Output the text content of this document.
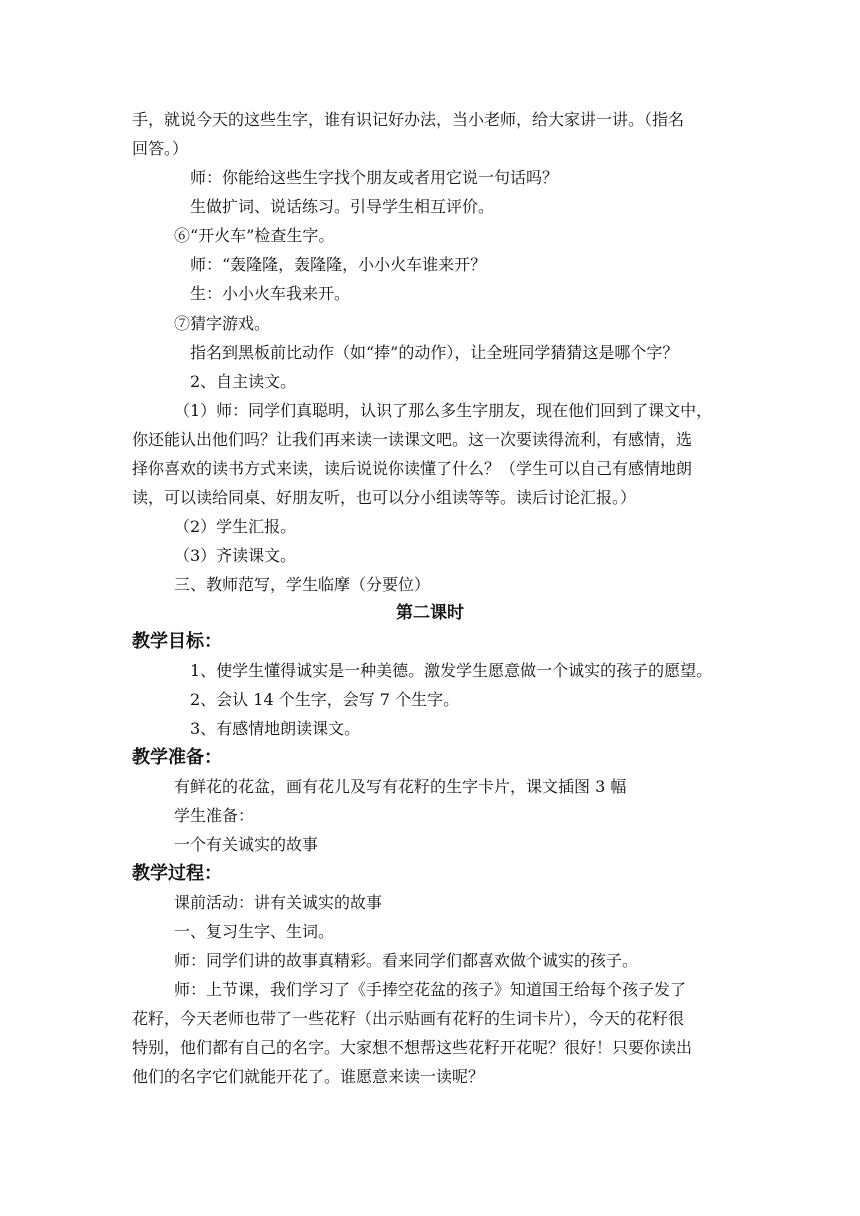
手，就说今天的这些生字，谁有识记好办法，当小老师，给大家讲一讲。（指名
回答。）
师：你能给这些生字找个朋友或者用它说一句话吗？
生做扩词、说话练习。引导学生相互评价。
⑥“开火车”检查生字。
师：“轰隆隆，轰隆隆，小小火车谁来开？
生：小小火车我来开。
⑦猜字游戏。
指名到黑板前比动作（如“捧”的动作），让全班同学猜猜这是哪个字？
2、自主读文。
（1）师：同学们真聪明，认识了那么多生字朋友，现在他们回到了课文中，
你还能认出他们吗？让我们再来读一读课文吧。这一次要读得流利，有感情，选
择你喜欢的读书方式来读，读后说说你读懂了什么？（学生可以自己有感情地朗
读，可以读给同桌、好朋友听，也可以分小组读等等。读后讨论汇报。）
（2）学生汇报。
（3）齐读课文。
三、教师范写，学生临摩（分要位）
第二课时
教学目标：
1、使学生懂得诚实是一种美德。激发学生愿意做一个诚实的孩子的愿望。
2、会认 14 个生字，会写 7 个生字。
3、有感情地朗读课文。
教学准备：
有鲜花的花盆，画有花儿及写有花籽的生字卡片，课文插图 3 幅
学生准备：
一个有关诚实的故事
教学过程：
课前活动：讲有关诚实的故事
一、复习生字、生词。
师：同学们讲的故事真精彩。看来同学们都喜欢做个诚实的孩子。
师：上节课，我们学习了《手捧空花盆的孩子》知道国王给每个孩子发了
花籽，今天老师也带了一些花籽（出示贴画有花籽的生词卡片），今天的花籽很
特别，他们都有自己的名字。大家想不想帮这些花籽开花呢？很好！只要你读出
他们的名字它们就能开花了。谁愿意来读一读呢？
